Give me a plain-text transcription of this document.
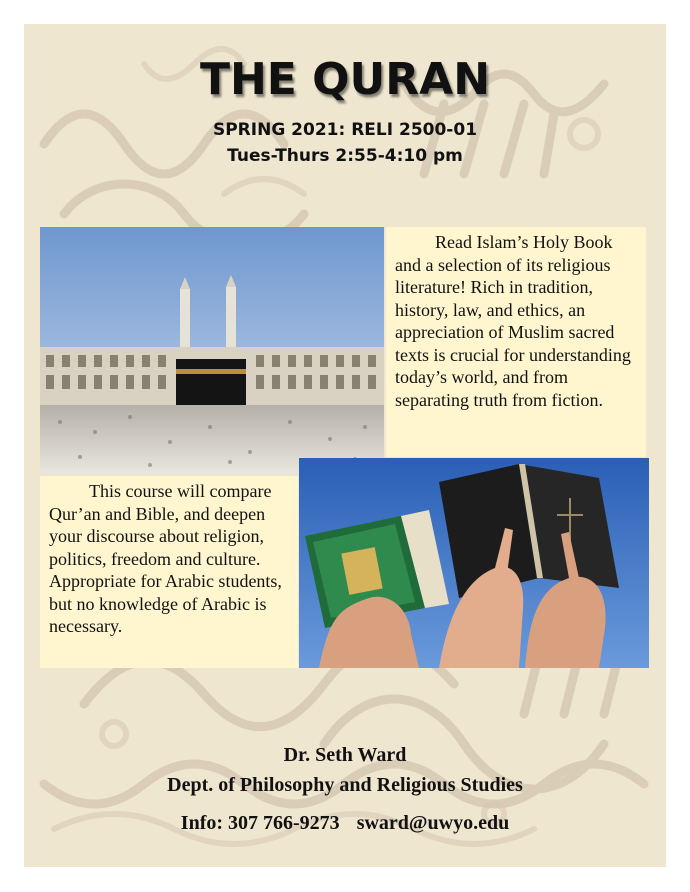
THE QURAN
SPRING 2021: RELI 2500-01
Tues-Thurs 2:55-4:10 pm
Read Islam’s Holy Book and a selection of its religious literature! Rich in tradition, history, law, and ethics, an appreciation of Muslim sacred texts is crucial for understanding today’s world, and from separating truth from fiction.
This course will compare Qur’an and Bible, and deepen your discourse about religion, politics, freedom and culture. Appropriate for Arabic students, but no knowledge of Arabic is necessary.
Dr. Seth Ward
Dept. of Philosophy and Religious Studies
Info: 307 766-9273 sward@uwyo.edu
